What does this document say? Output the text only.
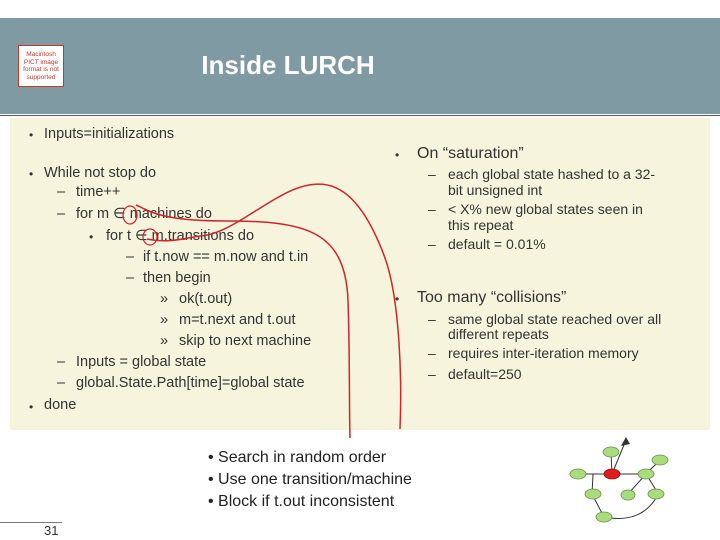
Macintosh PICT image format is not supported	Inside LURCH
• Inputs=initializations
• While not stop do
– time++
– for m ∈ machines do
• for t ∈ m.transitions do
– if t.now == m.now and t.in
– then begin
» ok(t.out)
» m=t.next and t.out
» skip to next machine
– Inputs = global state
– global.State.Path[time]=global state
• done
• On “saturation”
– each global state hashed to a 32-
bit unsigned int
– < X% new global states seen in
this repeat
– default = 0.01%
• Too many “collisions”
– same global state reached over all
different repeats
– requires inter-iteration memory
– default=250
• Search in random order
• Use one transition/machine
• Block if t.out inconsistent
31
